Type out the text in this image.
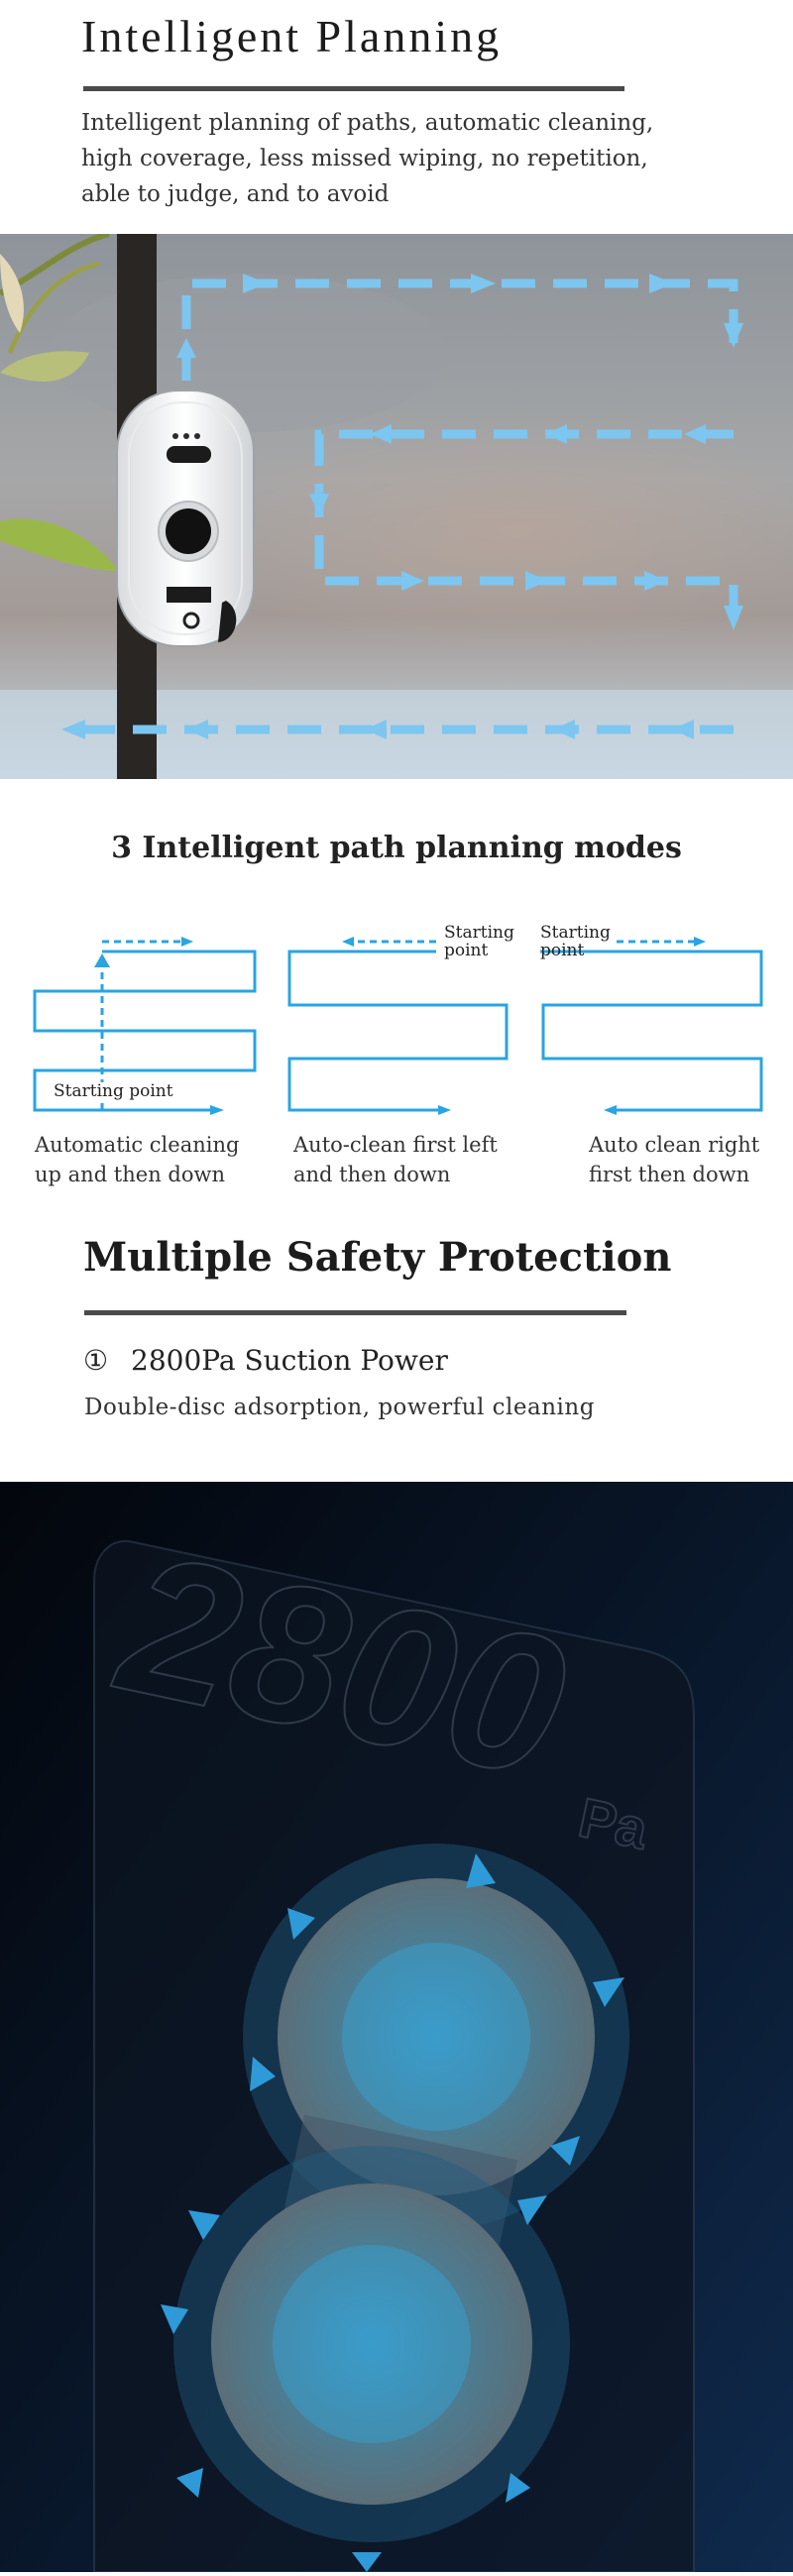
Intelligent Planning
Intelligent planning of paths, automatic cleaning, high coverage, less missed wiping, no repetition, able to judge, and to avoid
3 Intelligent path planning modes
Starting point
Starting point
Starting point
Automatic cleaning up and then down
Auto-clean first left and then down
Auto clean right first then down
Multiple Safety Protection
① 2800Pa Suction Power
Double-disc adsorption, powerful cleaning
2800
Pa
